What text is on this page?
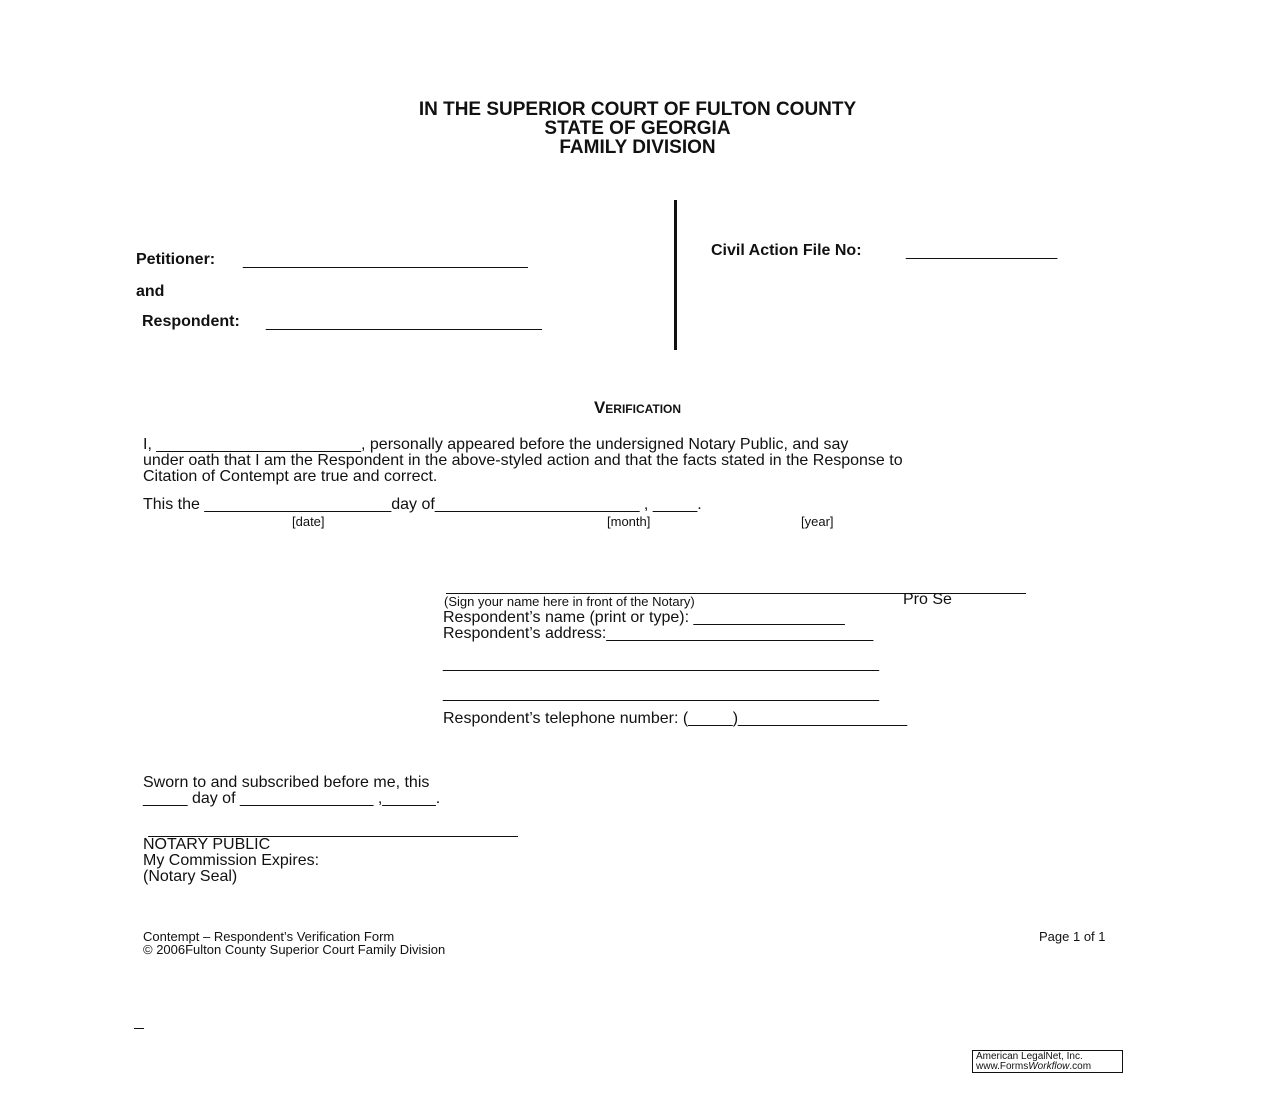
IN THE SUPERIOR COURT OF FULTON COUNTY
STATE OF GEORGIA
FAMILY DIVISION
Petitioner: ________________________________
and
Respondent: _______________________________
Civil Action File No:	_________________
Verification
I, _______________________, personally appeared before the undersigned Notary Public, and say
under oath that I am the Respondent in the above-styled action and that the facts stated in the Response to
Citation of Contempt are true and correct.
This the _____________________day of_______________________ , _____.
[date]	[month]	[year]
(Sign your name here in front of the Notary)	Pro Se
Respondent’s name (print or type): _________________
Respondent’s address:______________________________
_________________________________________________
_________________________________________________
Respondent’s telephone number: (_____)___________________
Sworn to and subscribed before me, this
_____ day of _______________ ,______.
NOTARY PUBLIC
My Commission Expires:
(Notary Seal)
Contempt – Respondent’s Verification Form
© 2006Fulton County Superior Court Family Division
Page 1 of 1
American LegalNet, Inc.
www.FormsWorkflow.com
